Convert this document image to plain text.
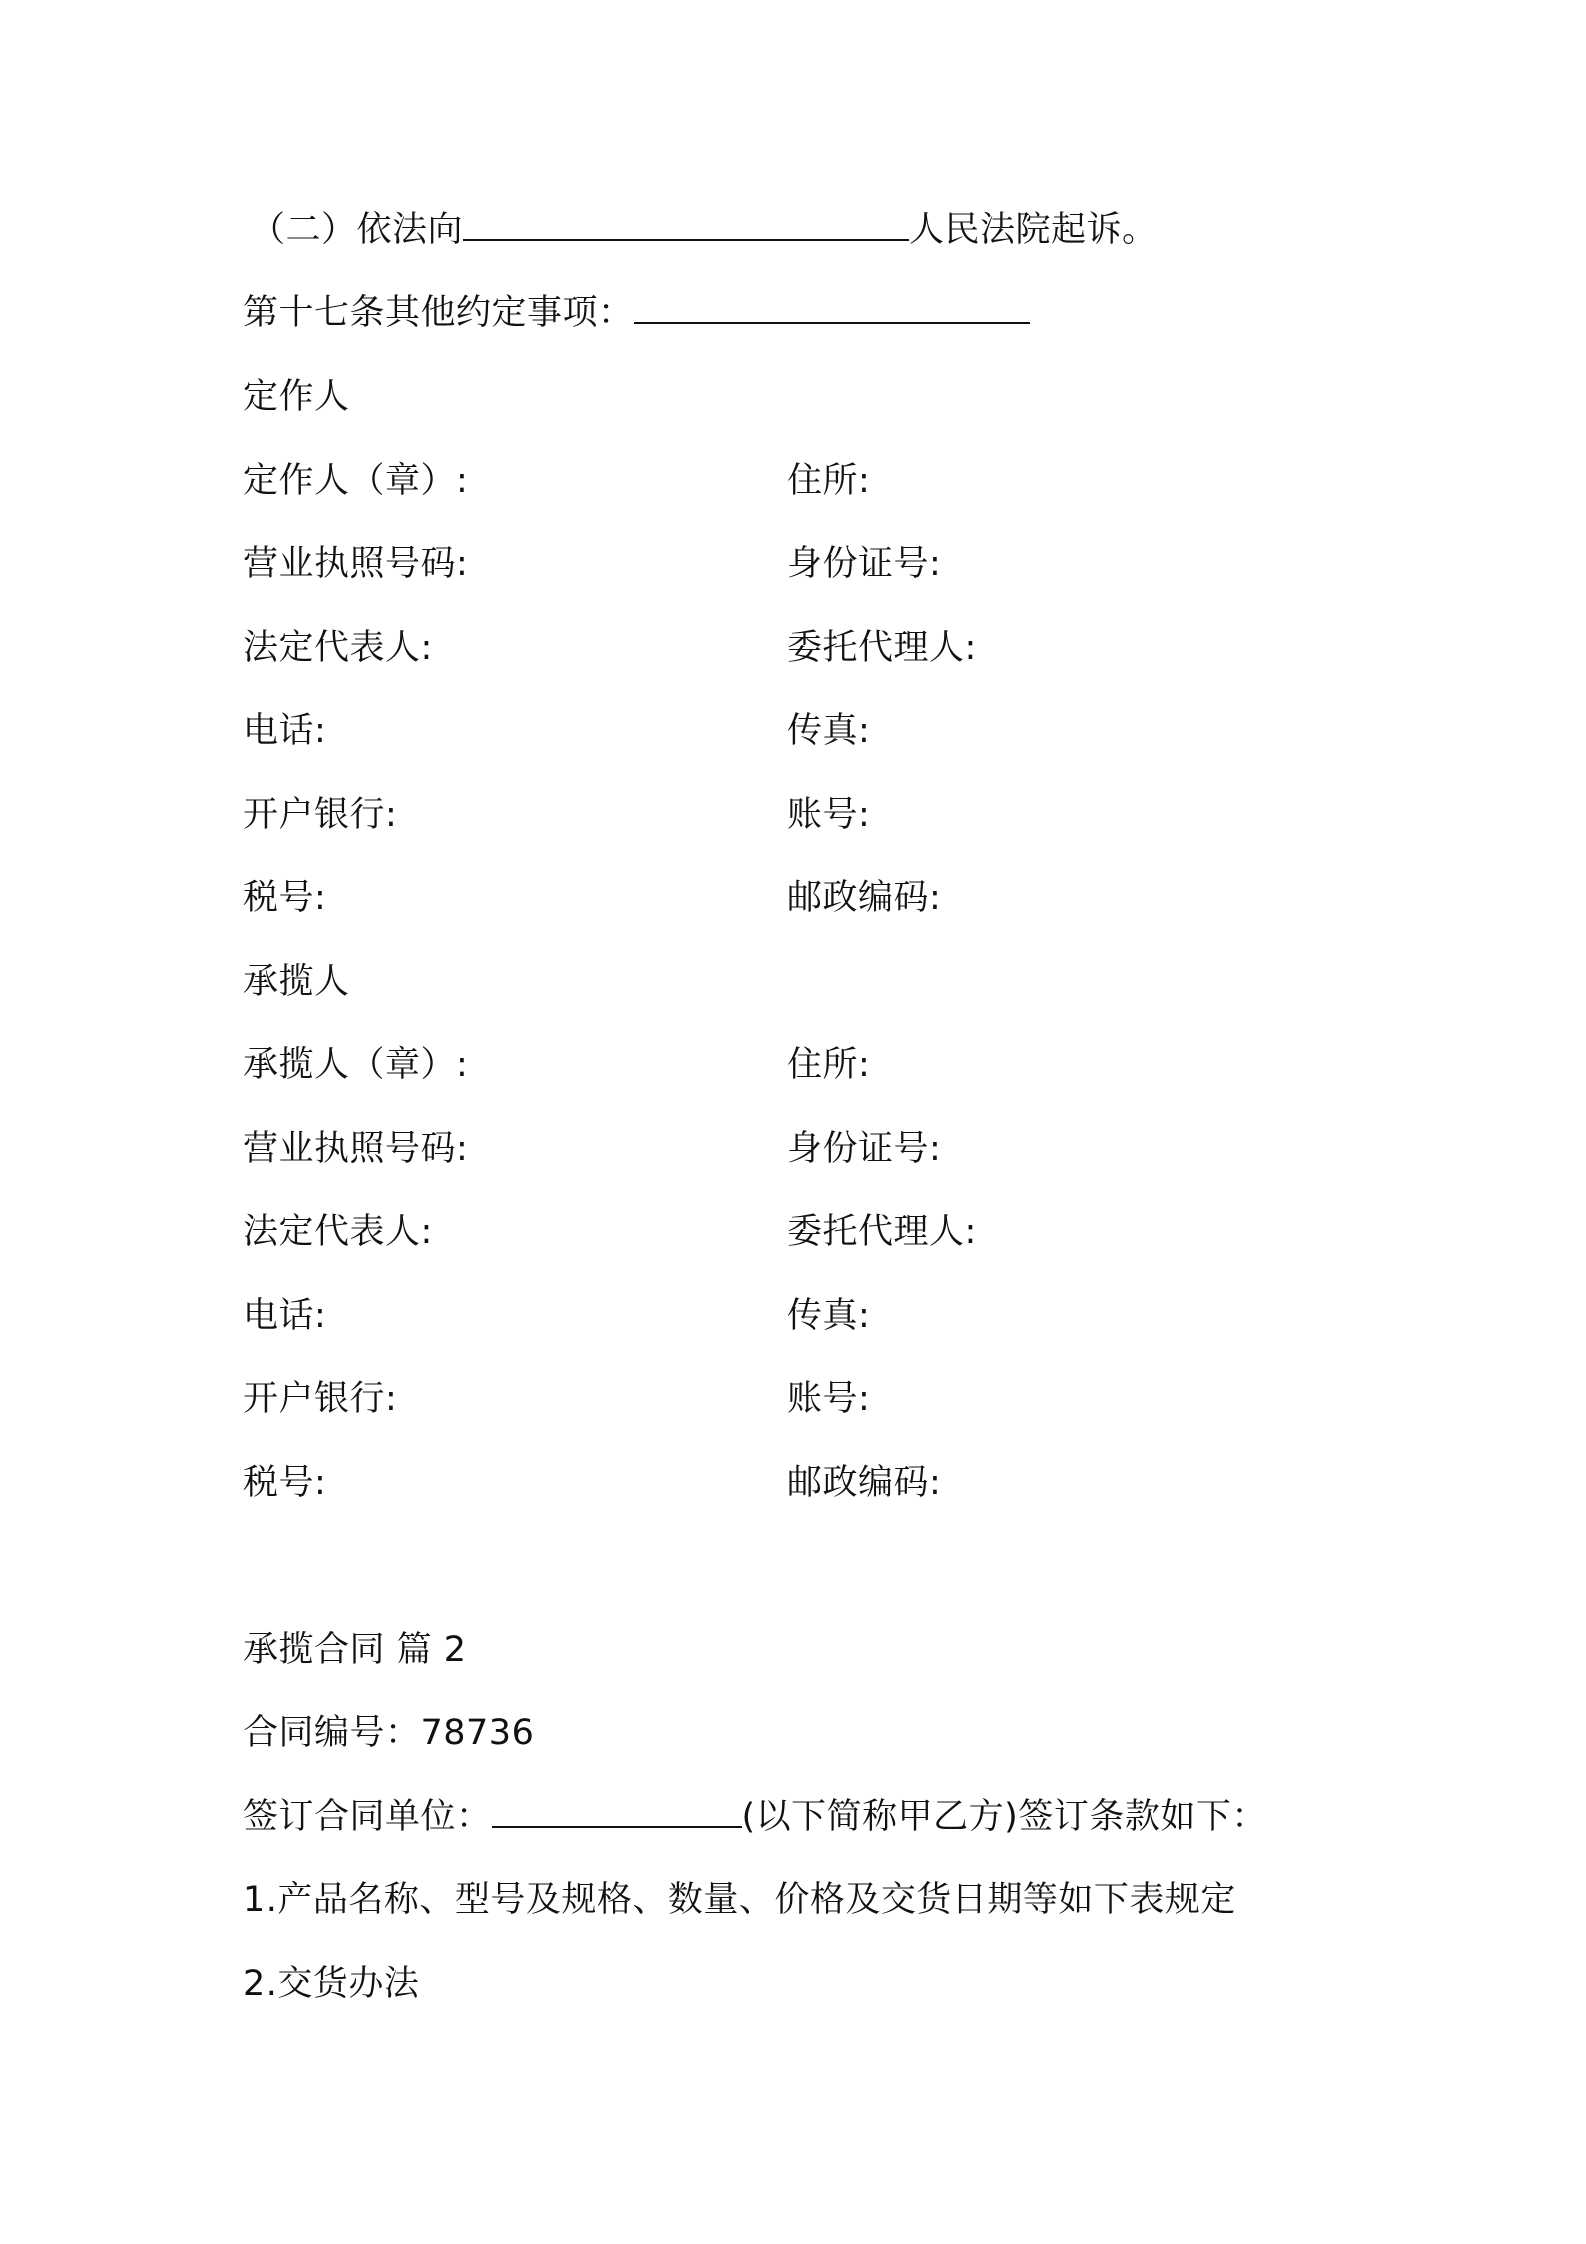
（二）依法向	人民法院起诉。
第十七条其他约定事项：
定作人
定作人（章）:	住所:
营业执照号码:	身份证号:
法定代表人:	委托代理人:
电话:	传真:
开户银行:	账号:
税号:	邮政编码:
承揽人
承揽人（章）:	住所:
营业执照号码:	身份证号:
法定代表人:	委托代理人:
电话:	传真:
开户银行:	账号:
税号:	邮政编码:
承揽合同 篇 2
合同编号：78736
签订合同单位：	(以下简称甲乙方)签订条款如下：
1.产品名称、型号及规格、数量、价格及交货日期等如下表规定
2.交货办法
